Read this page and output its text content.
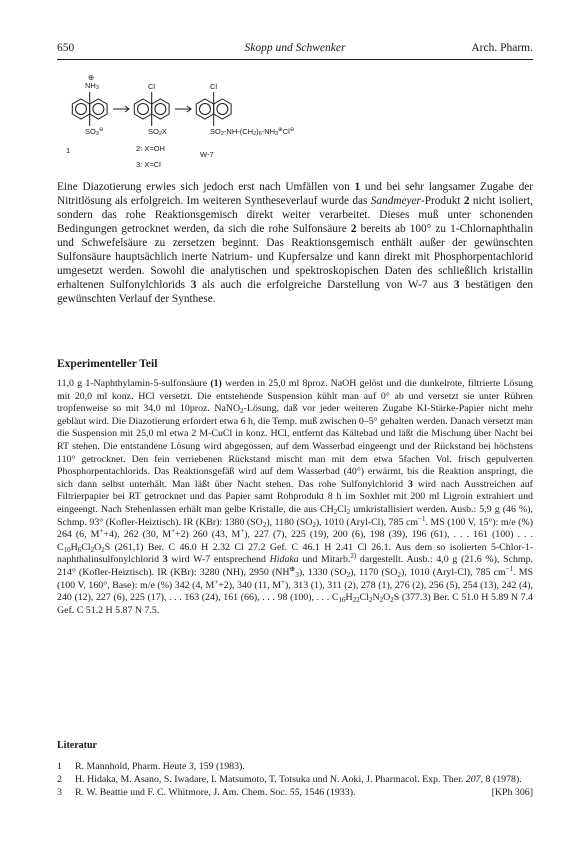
650	Skopp und Schwenker	Arch. Pharm.
$NH_3$
⊕
$SO_3^⊖$
1
Cl
$SO_2X$
2: X=OH
3: X=Cl
Cl
$SO_2-NH-(CH_2)_6-NH_3^\oplus Cl^⊖$
W-7

Eine Diazotierung erwies sich jedoch erst nach Umfällen von 1 und bei sehr langsamer Zugabe der Nitritlösung als erfolgreich. Im weiteren Syntheseverlauf wurde das Sandmeyer-Produkt 2 nicht isoliert, sondern das rohe Reaktionsgemisch direkt weiter verarbeitet. Dieses muß unter schonenden Bedingungen getrocknet werden, da sich die rohe Sulfonsäure 2 bereits ab 100° zu 1-Chlornaphthalin und Schwefelsäure zu zersetzen beginnt. Das Reaktionsgemisch enthält außer der gewünschten Sulfonsäure hauptsächlich inerte Natrium- und Kupfersalze und kann direkt mit Phosphorpentachlorid umgesetzt werden. Sowohl die analytischen und spektroskopischen Daten des schließlich kristallin erhaltenen Sulfonylchlorids 3 als auch die erfolgreiche Darstellung von W-7 aus 3 bestätigen den gewünschten Verlauf der Synthese.

Experimenteller Teil

11,0 g 1-Naphthylamin-5-sulfonsäure (1) werden in 25,0 ml 8proz. NaOH gelöst und die dunkelrote, filtrierte Lösung mit 20,0 ml konz. HCl versetzt. Die entstehende Suspension kühlt man auf 0° ab und versetzt sie unter Rühren tropfenweise so mit 34,0 ml 10proz. NaNO$_2$-Lösung, daß vor jeder weiteren Zugabe KI-Stärke-Papier nicht mehr gebläut wird. Die Diazotierung erfordert etwa 6 h, die Temp. muß zwischen 0–5° gehalten werden. Danach versetzt man die Suspension mit 25,0 ml etwa 2 M-CuCl in konz. HCl, entfernt das Kältebad und läßt die Mischung über Nacht bei RT stehen. Die entstandene Lösung wird abgegossen, auf dem Wasserbad eingeengt und der Rückstand bei höchstens 110° getrocknet. Den fein verriebenen Rückstand mischt man mit dem etwa 5fachen Vol. frisch gepulverten Phosphorpentachlorids. Das Reaktionsgefäß wird auf dem Wasserbad (40°) erwärmt, bis die Reaktion anspringt, die sich dann selbst unterhält. Man läßt über Nacht stehen. Das rohe Sulfonylchlorid 3 wird nach Ausstreichen auf Filtrierpapier bei RT getrocknet und das Papier samt Rohprodukt 8 h im Soxhlet mit 200 ml Ligroin extrahiert und eingeengt. Nach Stehenlassen erhält man gelbe Kristalle, die aus $CH_2Cl_2$ umkristallisiert werden. Ausb.: 5,9 g (46 %), Schmp. 93° (Kofler-Heiztisch). IR (KBr): 1380 $(SO_2)$, 1180 $(SO_2)$, 1010 (Aryl-Cl), 785 $cm^{-1}$. MS (100 V, 15°): m/e (%) 264 (6, M++4), 262 (30, M++2) 260 (43, M+), 227 (7), 225 (19), 200 (6), 198 (39), 196 (61), . . . 161 (100) . . . $C_{10}H_6Cl_2O_2S$ (261,1) Ber. C 46.0 H 2.32 Cl 27.2 Gef. C 46.1 H 2.41 Cl 26.1. Aus dem so isolierten 5-Chlor-1-naphthalinsulfonylchlorid 3 wird W-7 entsprechend Hidaka und Mitarb.$^{2)}$ dargestellt. Ausb.: 4,0 g (21.6 %), Schmp. 214° (Kofler-Heiztisch). IR (KBr): 3280 (NH), 2950 $(NH^\oplus_3)$, 1330 $(SO_2)$, 1170 $(SO_2)$, 1010 (Aryl-Cl), 785 $cm^{-1}$. MS (100 V, 160°, Base): m/e (%) 342 (4, M++2), 340 (11, M+), 313 (1), 311 (2), 278 (1), 276 (2), 256 (5), 254 (13), 242 (4), 240 (12), 227 (6), 225 (17), . . . 163 (24), 161 (66), . . . 98 (100), . . . $C_{16}H_{22}Cl_2N_2O_2S$ (377.3) Ber. C 51.0 H 5.89 N 7.4 Gef. C 51.2 H 5.87 N 7.5.

Literatur
1 R. Mannhold, Pharm. Heute 3, 159 (1983).
2 H. Hidaka, M. Asano, S. Iwadare, I. Matsumoto, T. Totsuka und N. Aoki, J. Pharmacol. Exp. Ther. 207, 8 (1978).
3 R. W. Beattie und F. C. Whitmore, J. Am. Chem. Soc. 55, 1546 (1933).	[KPh 306]
